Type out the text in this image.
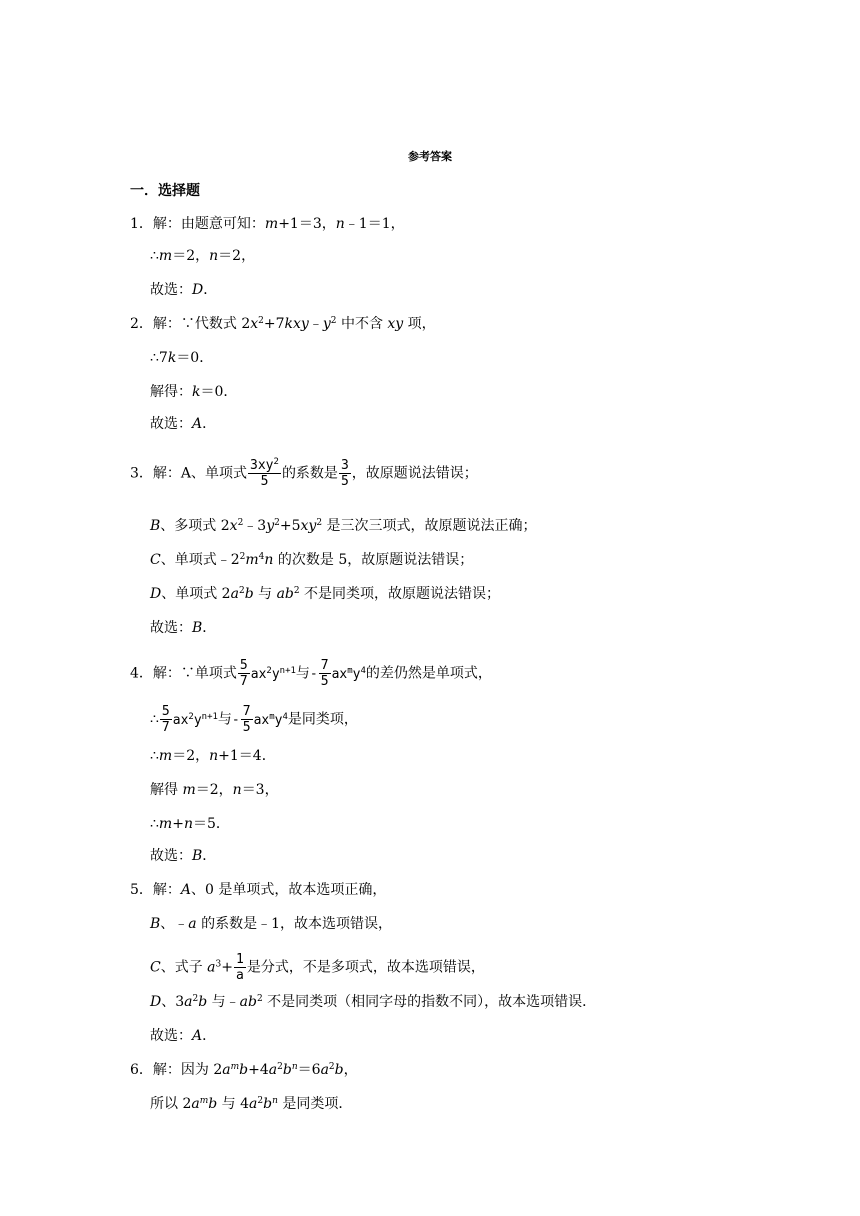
参考答案
一．选择题
1．解：由题意可知：m+1＝3，n﹣1＝1，
∴m＝2，n＝2，
故选：D．
2．解：∵代数式 $2x^2+7kxy﹣y^2$ 中不含 xy 项，
∴7k＝0．
解得：k＝0．
故选：A．
3．解：A、单项式 $\frac{3xy^2}{5}$ 的系数是 $\frac{3}{5}$ ，故原题说法错误；
B、多项式 $2x^2﹣3y^2+5xy^2$ 是三次三项式，故原题说法正确；
C、单项式$﹣2^2m^4n$ 的次数是 5，故原题说法错误；
D、单项式 $2a^2b$ 与 $ab^2$ 不是同类项，故原题说法错误；
故选：B．
4．解：∵单项式 $\frac{5}{7} ax^2y^{n+1}$与- $\frac{7}{5} ax^my^4$的差仍然是单项式，
∴ $\frac{5}{7} ax^2y^{n+1}$与- $\frac{7}{5} ax^my^4$是同类项，
∴m＝2，n+1＝4．
解得 m＝2，n＝3，
∴m+n＝5．
故选：B．
5．解：A、0 是单项式，故本选项正确，
B、﹣a 的系数是﹣1，故本选项错误，
C、式子 $a^3+ \frac{1}{a}$ 是分式，不是多项式，故本选项错误，
D、$3a^2b$ 与$﹣ab^2$ 不是同类项（相同字母的指数不同），故本选项错误．
故选：A．
6．解：因为 $2a^mb+4a^2b^n=6a^2b$，
所以 $2a^mb$ 与 $4a^2b^n$ 是同类项．
